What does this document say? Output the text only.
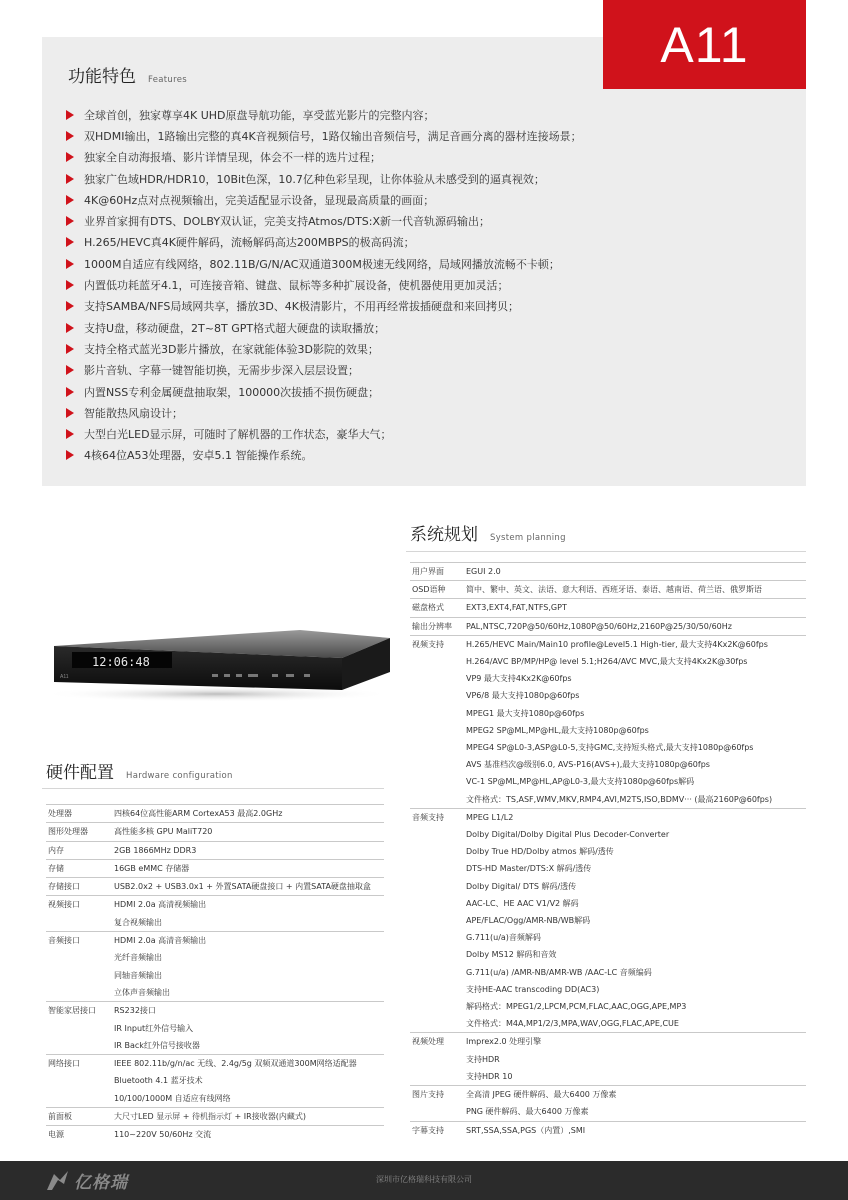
A11
功能特色 Features
全球首创，独家尊享4K UHD原盘导航功能，享受蓝光影片的完整内容；
双HDMI输出，1路输出完整的真4K音视频信号，1路仅输出音频信号，满足音画分离的器材连接场景；
独家全自动海报墙、影片详情呈现，体会不一样的选片过程；
独家广色域HDR/HDR10，10Bit色深，10.7亿种色彩呈现，让你体验从未感受到的逼真视效；
4K@60Hz点对点视频输出，完美适配显示设备，显现最高质量的画面；
业界首家拥有DTS、DOLBY双认证，完美支持Atmos/DTS:X新一代音轨源码输出；
H.265/HEVC真4K硬件解码，流畅解码高达200MBPS的极高码流；
1000M自适应有线网络，802.11B/G/N/AC双通道300M极速无线网络，局域网播放流畅不卡顿；
内置低功耗蓝牙4.1，可连接音箱、键盘、鼠标等多种扩展设备，使机器使用更加灵活；
支持SAMBA/NFS局域网共享，播放3D、4K极清影片，不用再经常拔插硬盘和来回拷贝；
支持U盘，移动硬盘，2T~8T GPT格式超大硬盘的读取播放；
支持全格式蓝光3D影片播放，在家就能体验3D影院的效果；
影片音轨、字幕一键智能切换，无需步步深入层层设置；
内置NSS专利金属硬盘抽取架，100000次拔插不损伤硬盘；
智能散热风扇设计；
大型白光LED显示屏，可随时了解机器的工作状态，豪华大气；
4核64位A53处理器，安卓5.1 智能操作系统。
系统规划 System planning
12:06:48
A11
硬件配置 Hardware configuration
处理器	四核64位高性能ARM CortexA53 最高2.0GHz
图形处理器	高性能多核 GPU MaliT720
内存	2GB 1866MHz DDR3
存储	16GB eMMC 存储器
存储接口	USB2.0x2 + USB3.0x1 + 外置SATA硬盘接口 + 内置SATA硬盘抽取盒
视频接口	HDMI 2.0a 高清视频输出
	复合视频输出
音频接口	HDMI 2.0a 高清音频输出
	光纤音频输出
	同轴音频输出
	立体声音频输出
智能家居接口	RS232接口
	IR Input红外信号输入
	IR Back红外信号接收器
网络接口	IEEE 802.11b/g/n/ac 无线、2.4g/5g 双频双通道300M网络适配器
	Bluetooth 4.1 蓝牙技术
	10/100/1000M 自适应有线网络
前面板	大尺寸LED 显示屏 + 待机指示灯 + IR接收器(内藏式)
电源	110~220V 50/60Hz 交流
用户界面	EGUI 2.0
OSD语种	简中、繁中、英文、法语、意大利语、西班牙语、泰语、越南语、荷兰语、俄罗斯语
磁盘格式	EXT3,EXT4,FAT,NTFS,GPT
输出分辨率	PAL,NTSC,720P@50/60Hz,1080P@50/60Hz,2160P@25/30/50/60Hz
视频支持	H.265/HEVC Main/Main10 profile@Level5.1 High-tier, 最大支持4Kx2K@60fps
	H.264/AVC BP/MP/HP@ level 5.1;H264/AVC MVC,最大支持4Kx2K@30fps
	VP9 最大支持4Kx2K@60fps
	VP6/8 最大支持1080p@60fps
	MPEG1 最大支持1080p@60fps
	MPEG2 SP@ML,MP@HL,最大支持1080p@60fps
	MPEG4 SP@L0-3,ASP@L0-5,支持GMC,支持短头格式,最大支持1080p@60fps
	AVS 基准档次@级别6.0, AVS-P16(AVS+),最大支持1080p@60fps
	VC-1 SP@ML,MP@HL,AP@L0-3,最大支持1080p@60fps解码
	文件格式：TS,ASF,WMV,MKV,RMP4,AVI,M2TS,ISO,BDMV··· (最高2160P@60fps)
音频支持	MPEG L1/L2
	Dolby Digital/Dolby Digital Plus Decoder-Converter
	Dolby True HD/Dolby atmos 解码/透传
	DTS-HD Master/DTS:X 解码/透传
	Dolby Digital/ DTS 解码/透传
	AAC-LC、HE AAC V1/V2 解码
	APE/FLAC/Ogg/AMR-NB/WB解码
	G.711(u/a)音频解码
	Dolby MS12 解码和音效
	G.711(u/a) /AMR-NB/AMR-WB /AAC-LC 音频编码
	支持HE-AAC transcoding DD(AC3)
	解码格式：MPEG1/2,LPCM,PCM,FLAC,AAC,OGG,APE,MP3
	文件格式：M4A,MP1/2/3,MPA,WAV,OGG,FLAC,APE,CUE
视频处理	Imprex2.0 处理引擎
	支持HDR
	支持HDR 10
图片支持	全高清 JPEG 硬件解码、最大6400 万像素
	PNG 硬件解码、最大6400 万像素
字幕支持	SRT,SSA,SSA,PGS（内置）,SMI
亿格瑞	深圳市亿格瑞科技有限公司
